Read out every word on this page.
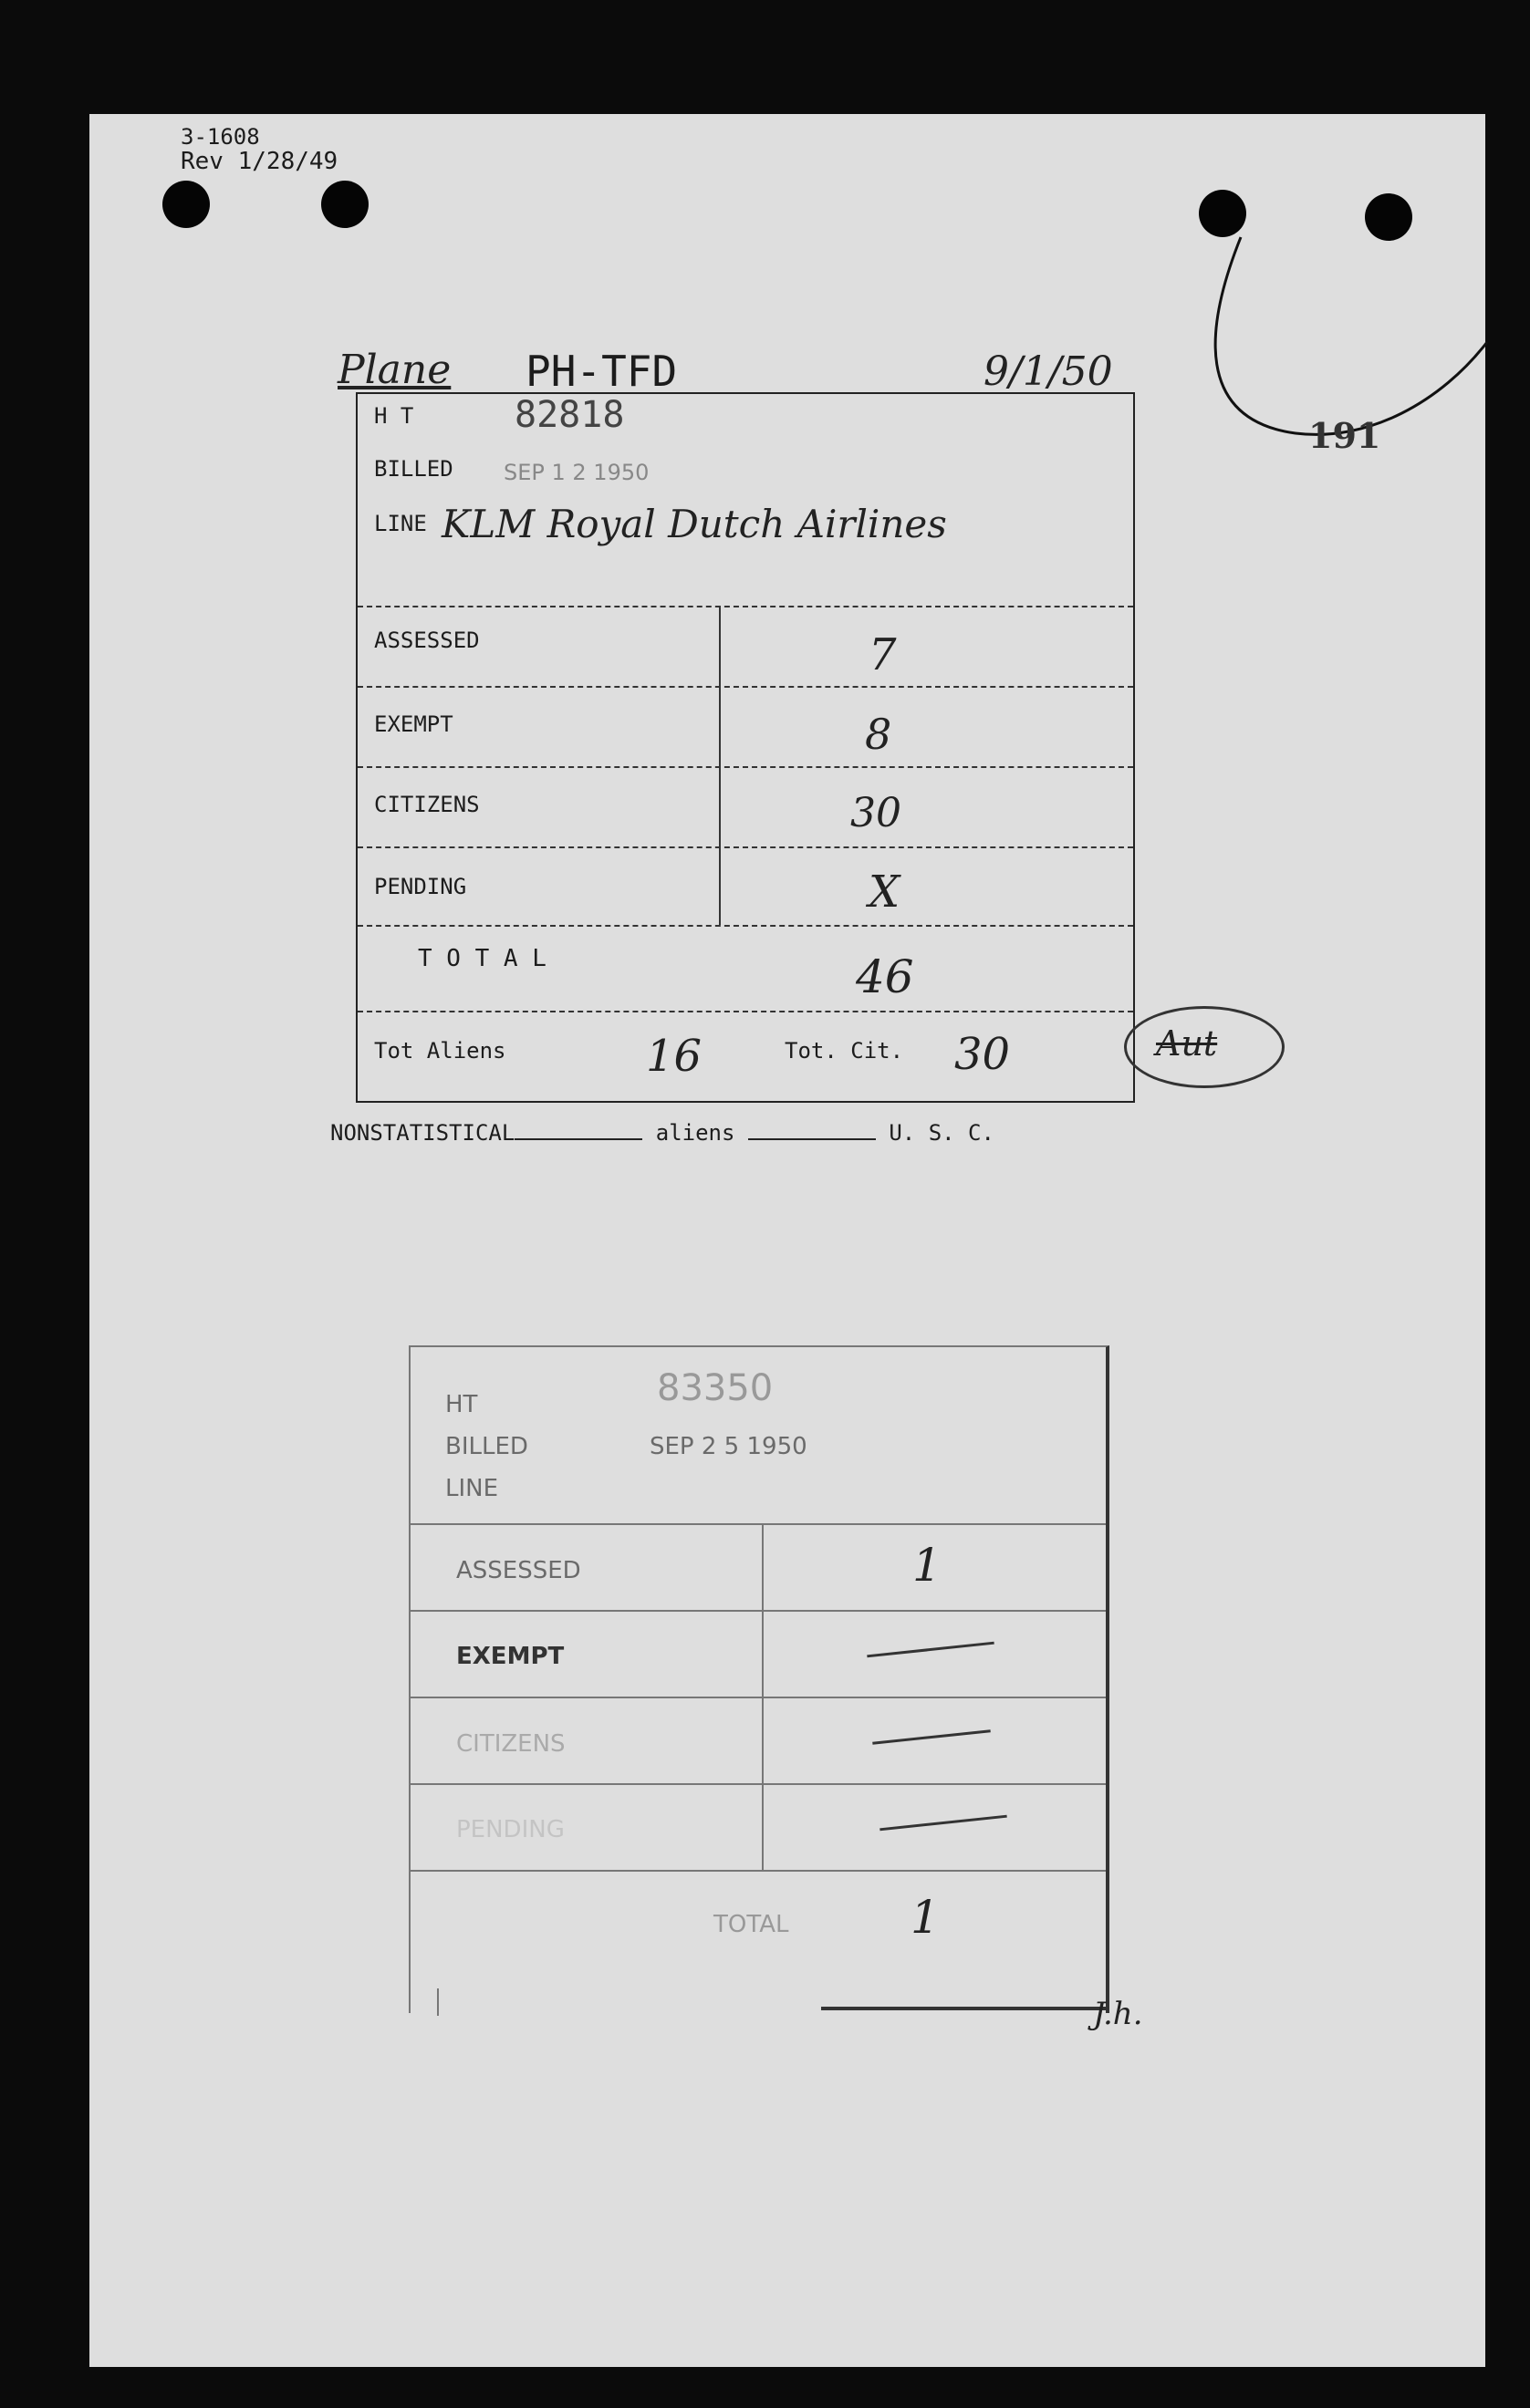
3-1608
Rev 1/28/49
191
Plane PH-TFD	9/1/50
H T	82818
BILLED SEP 1 2 1950
LINE KLM Royal Dutch Airlines
ASSESSED	7
EXEMPT	8
CITIZENS	30
PENDING	X
T O T A L	46
Tot Aliens	16	Tot. Cit. 30	Aut
NONSTATISTICAL	aliens	U. S. C.
HT	83350
BILLED	SEP 2 5 1950
LINE
ASSESSED	1
EXEMPT
CITIZENS
PENDING
TOTAL	1
J.h.
